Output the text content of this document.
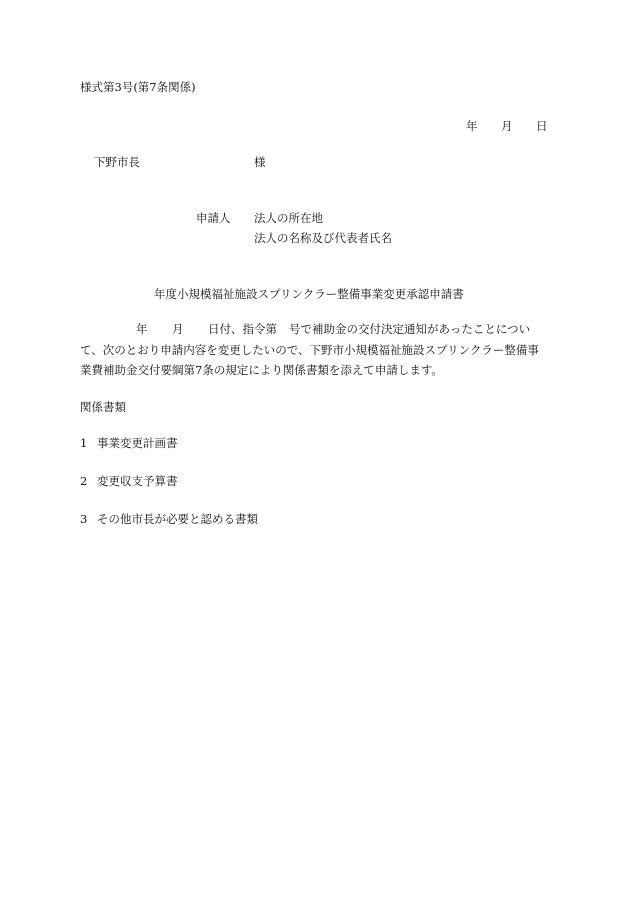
様式第3号(第7条関係)
年 月 日
下野市長	様
申請人 法人の所在地
法人の名称及び代表者氏名
年度小規模福祉施設スプリンクラー整備事業変更承認申請書
年 月 日付、指令第 号で補助金の交付決定通知があったことについ
て、次のとおり申請内容を変更したいので、下野市小規模福祉施設スプリンクラー整備事
業費補助金交付要綱第7条の規定により関係書類を添えて申請します。
関係書類
1 事業変更計画書
2 変更収支予算書
3 その他市長が必要と認める書類
